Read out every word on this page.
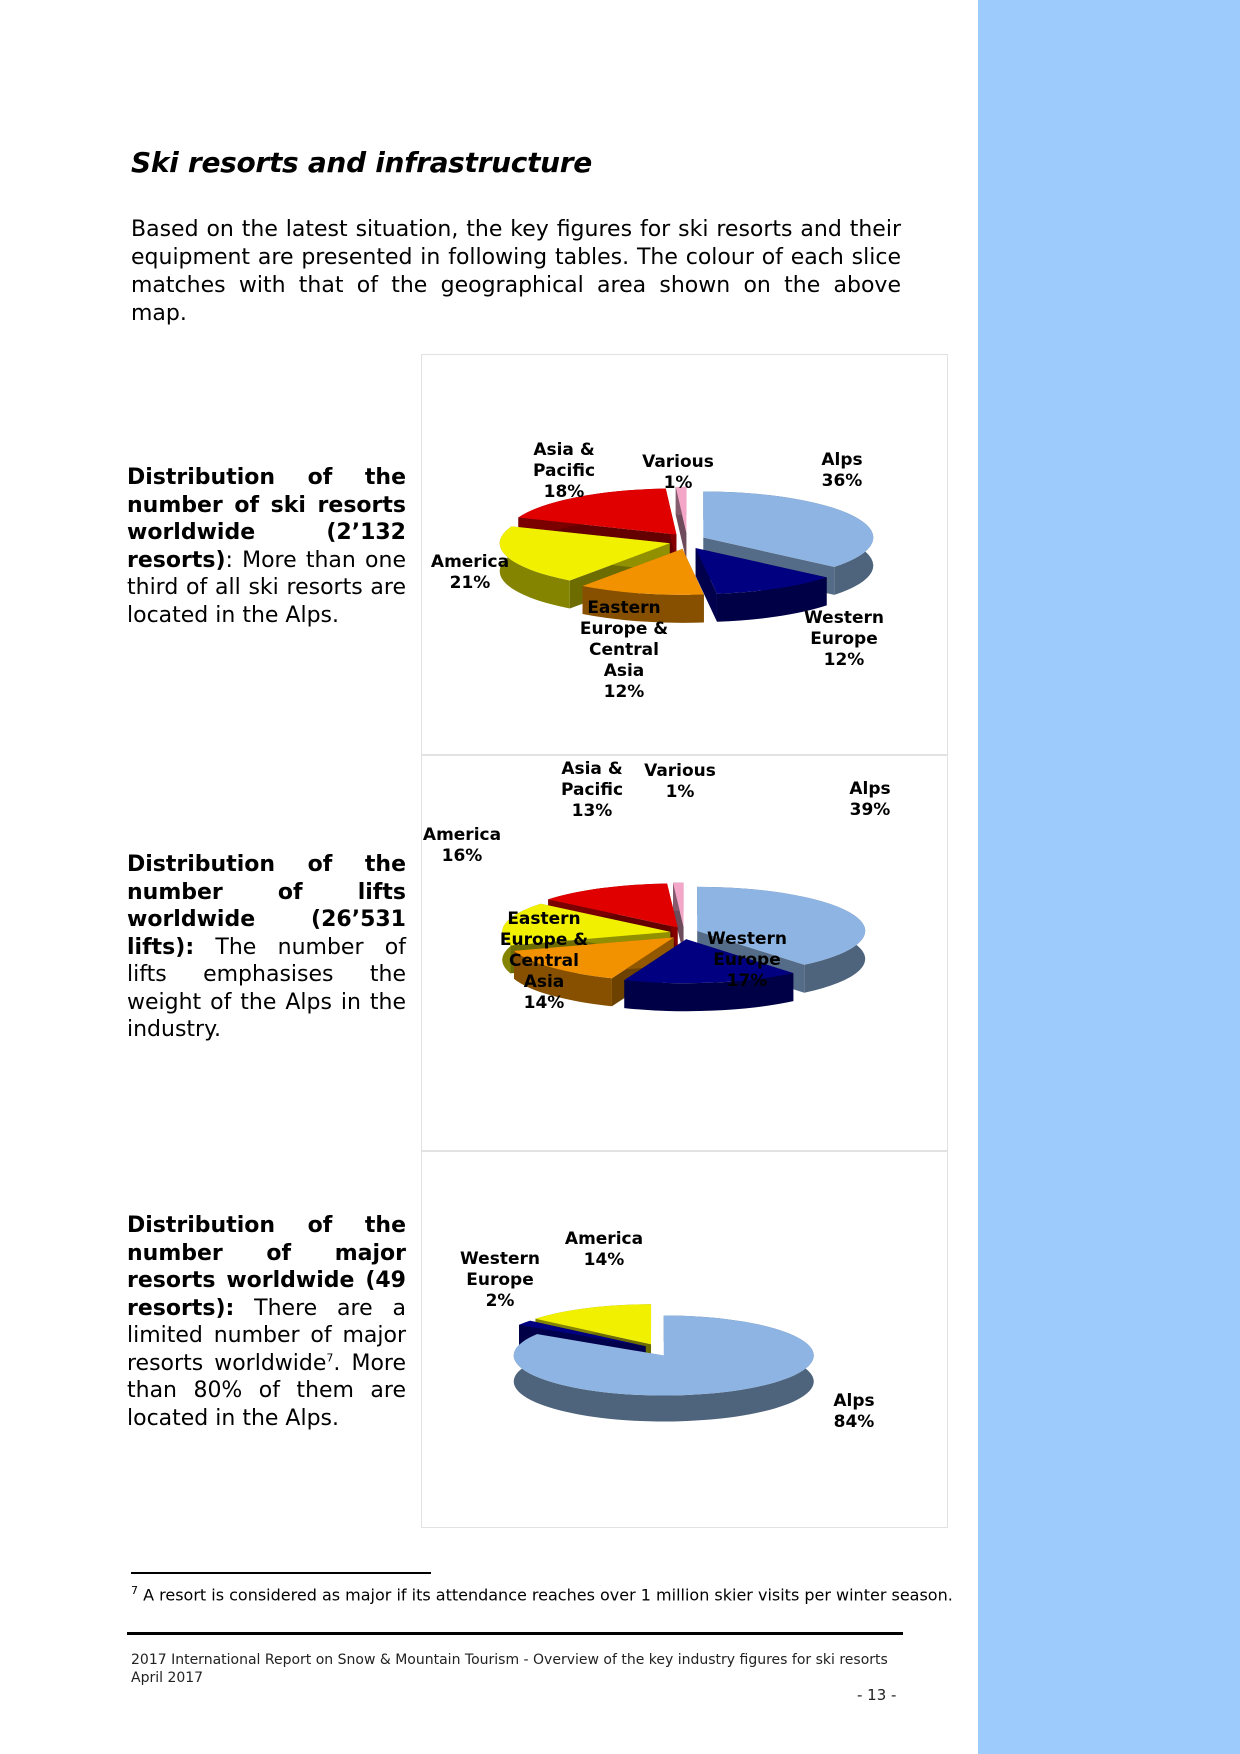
Ski resorts and infrastructure

Based on the latest situation, the key figures for ski resorts and their equipment are presented in following tables. The colour of each slice matches with that of the geographical area shown on the above map.

Distribution of the number of ski resorts worldwide (2’132 resorts): More than one third of all ski resorts are located in the Alps.

Distribution of the number of lifts worldwide (26’531 lifts): The number of lifts emphasises the weight of the Alps in the industry.

Distribution of the number of major resorts worldwide (49 resorts): There are a limited number of major resorts worldwide$^7$. More than 80% of them are located in the Alps.

Alps 36%
Western Europe 12%
Eastern Europe & Central Asia 12%
America 21%
Asia & Pacific 18%
Various 1%
Alps 39%
Western Europe 17%
Eastern Europe & Central Asia 14%
America 16%
Asia & Pacific 13%
Various 1%
Alps 84%
Western Europe 2%
America 14%

$^7$ A resort is considered as major if its attendance reaches over 1 million skier visits per winter season.

2017 International Report on Snow & Mountain Tourism - Overview of the key industry figures for ski resorts
April 2017

- 13 -
